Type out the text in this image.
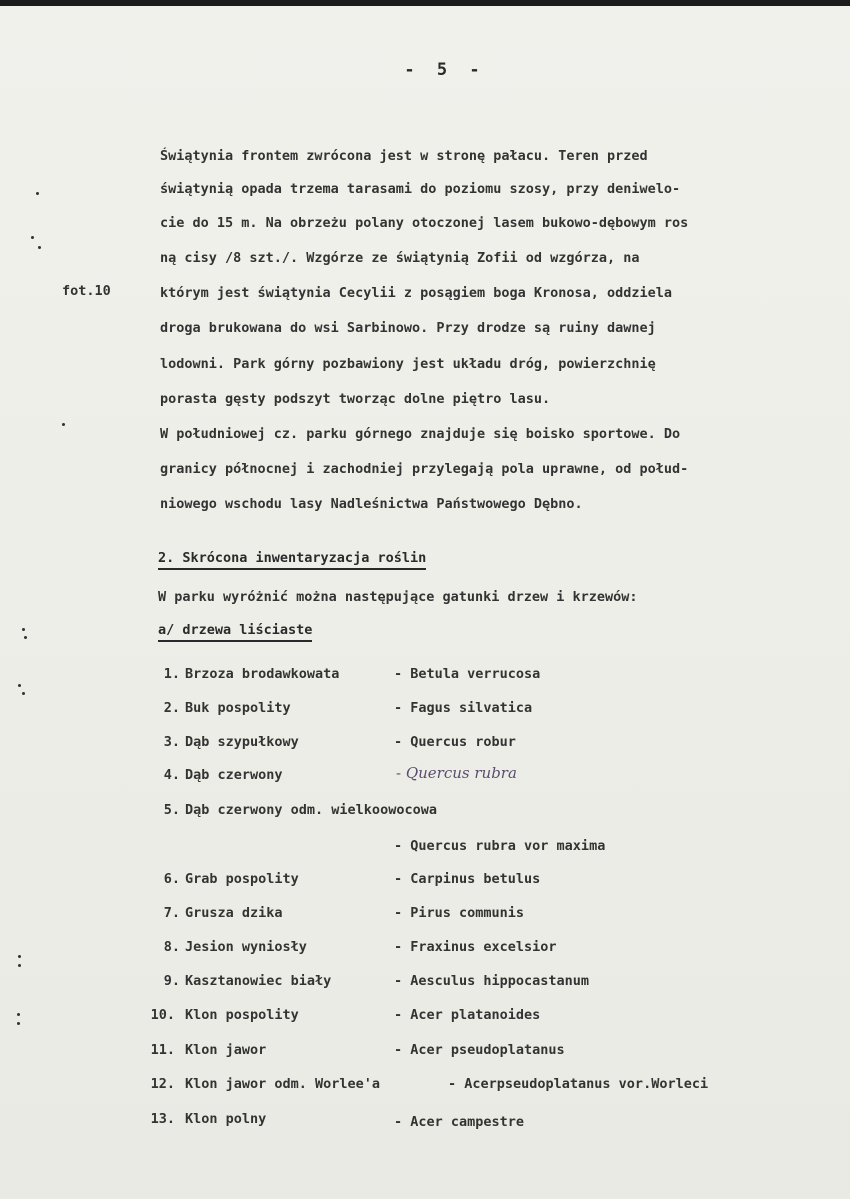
- 5 -
fot.10
Świątynia frontem zwrócona jest w stronę pałacu. Teren przed
świątynią opada trzema tarasami do poziomu szosy, przy deniwelo-
cie do 15 m. Na obrzeżu polany otoczonej lasem bukowo-dębowym ros
ną cisy /8 szt./. Wzgórze ze świątynią Zofii od wzgórza, na
którym jest świątynia Cecylii z posągiem boga Kronosa, oddziela
droga brukowana do wsi Sarbinowo. Przy drodze są ruiny dawnej
lodowni. Park górny pozbawiony jest układu dróg, powierzchnię
porasta gęsty podszyt tworząc dolne piętro lasu.
W południowej cz. parku górnego znajduje się boisko sportowe. Do
granicy północnej i zachodniej przylegają pola uprawne, od połud-
niowego wschodu lasy Nadleśnictwa Państwowego Dębno.
2. Skrócona inwentaryzacja roślin
W parku wyróżnić można następujące gatunki drzew i krzewów:
a/ drzewa liściaste
1. Brzoza brodawkowata	- Betula verrucosa
2. Buk pospolity	- Fagus silvatica
3. Dąb szypułkowy	- Quercus robur
4. Dąb czerwony	- Quercus rubra
5. Dąb czerwony odm. wielkoowocowa
- Quercus rubra vor maxima
6. Grab pospolity	- Carpinus betulus
7. Grusza dzika	- Pirus communis
8. Jesion wyniosły	- Fraxinus excelsior
9. Kasztanowiec biały	- Aesculus hippocastanum
10. Klon pospolity	- Acer platanoides
11. Klon jawor	- Acer pseudoplatanus
12. Klon jawor odm. Worlee'a	- Acerpseudoplatanus vor.Worleci
13. Klon polny	- Acer campestre
